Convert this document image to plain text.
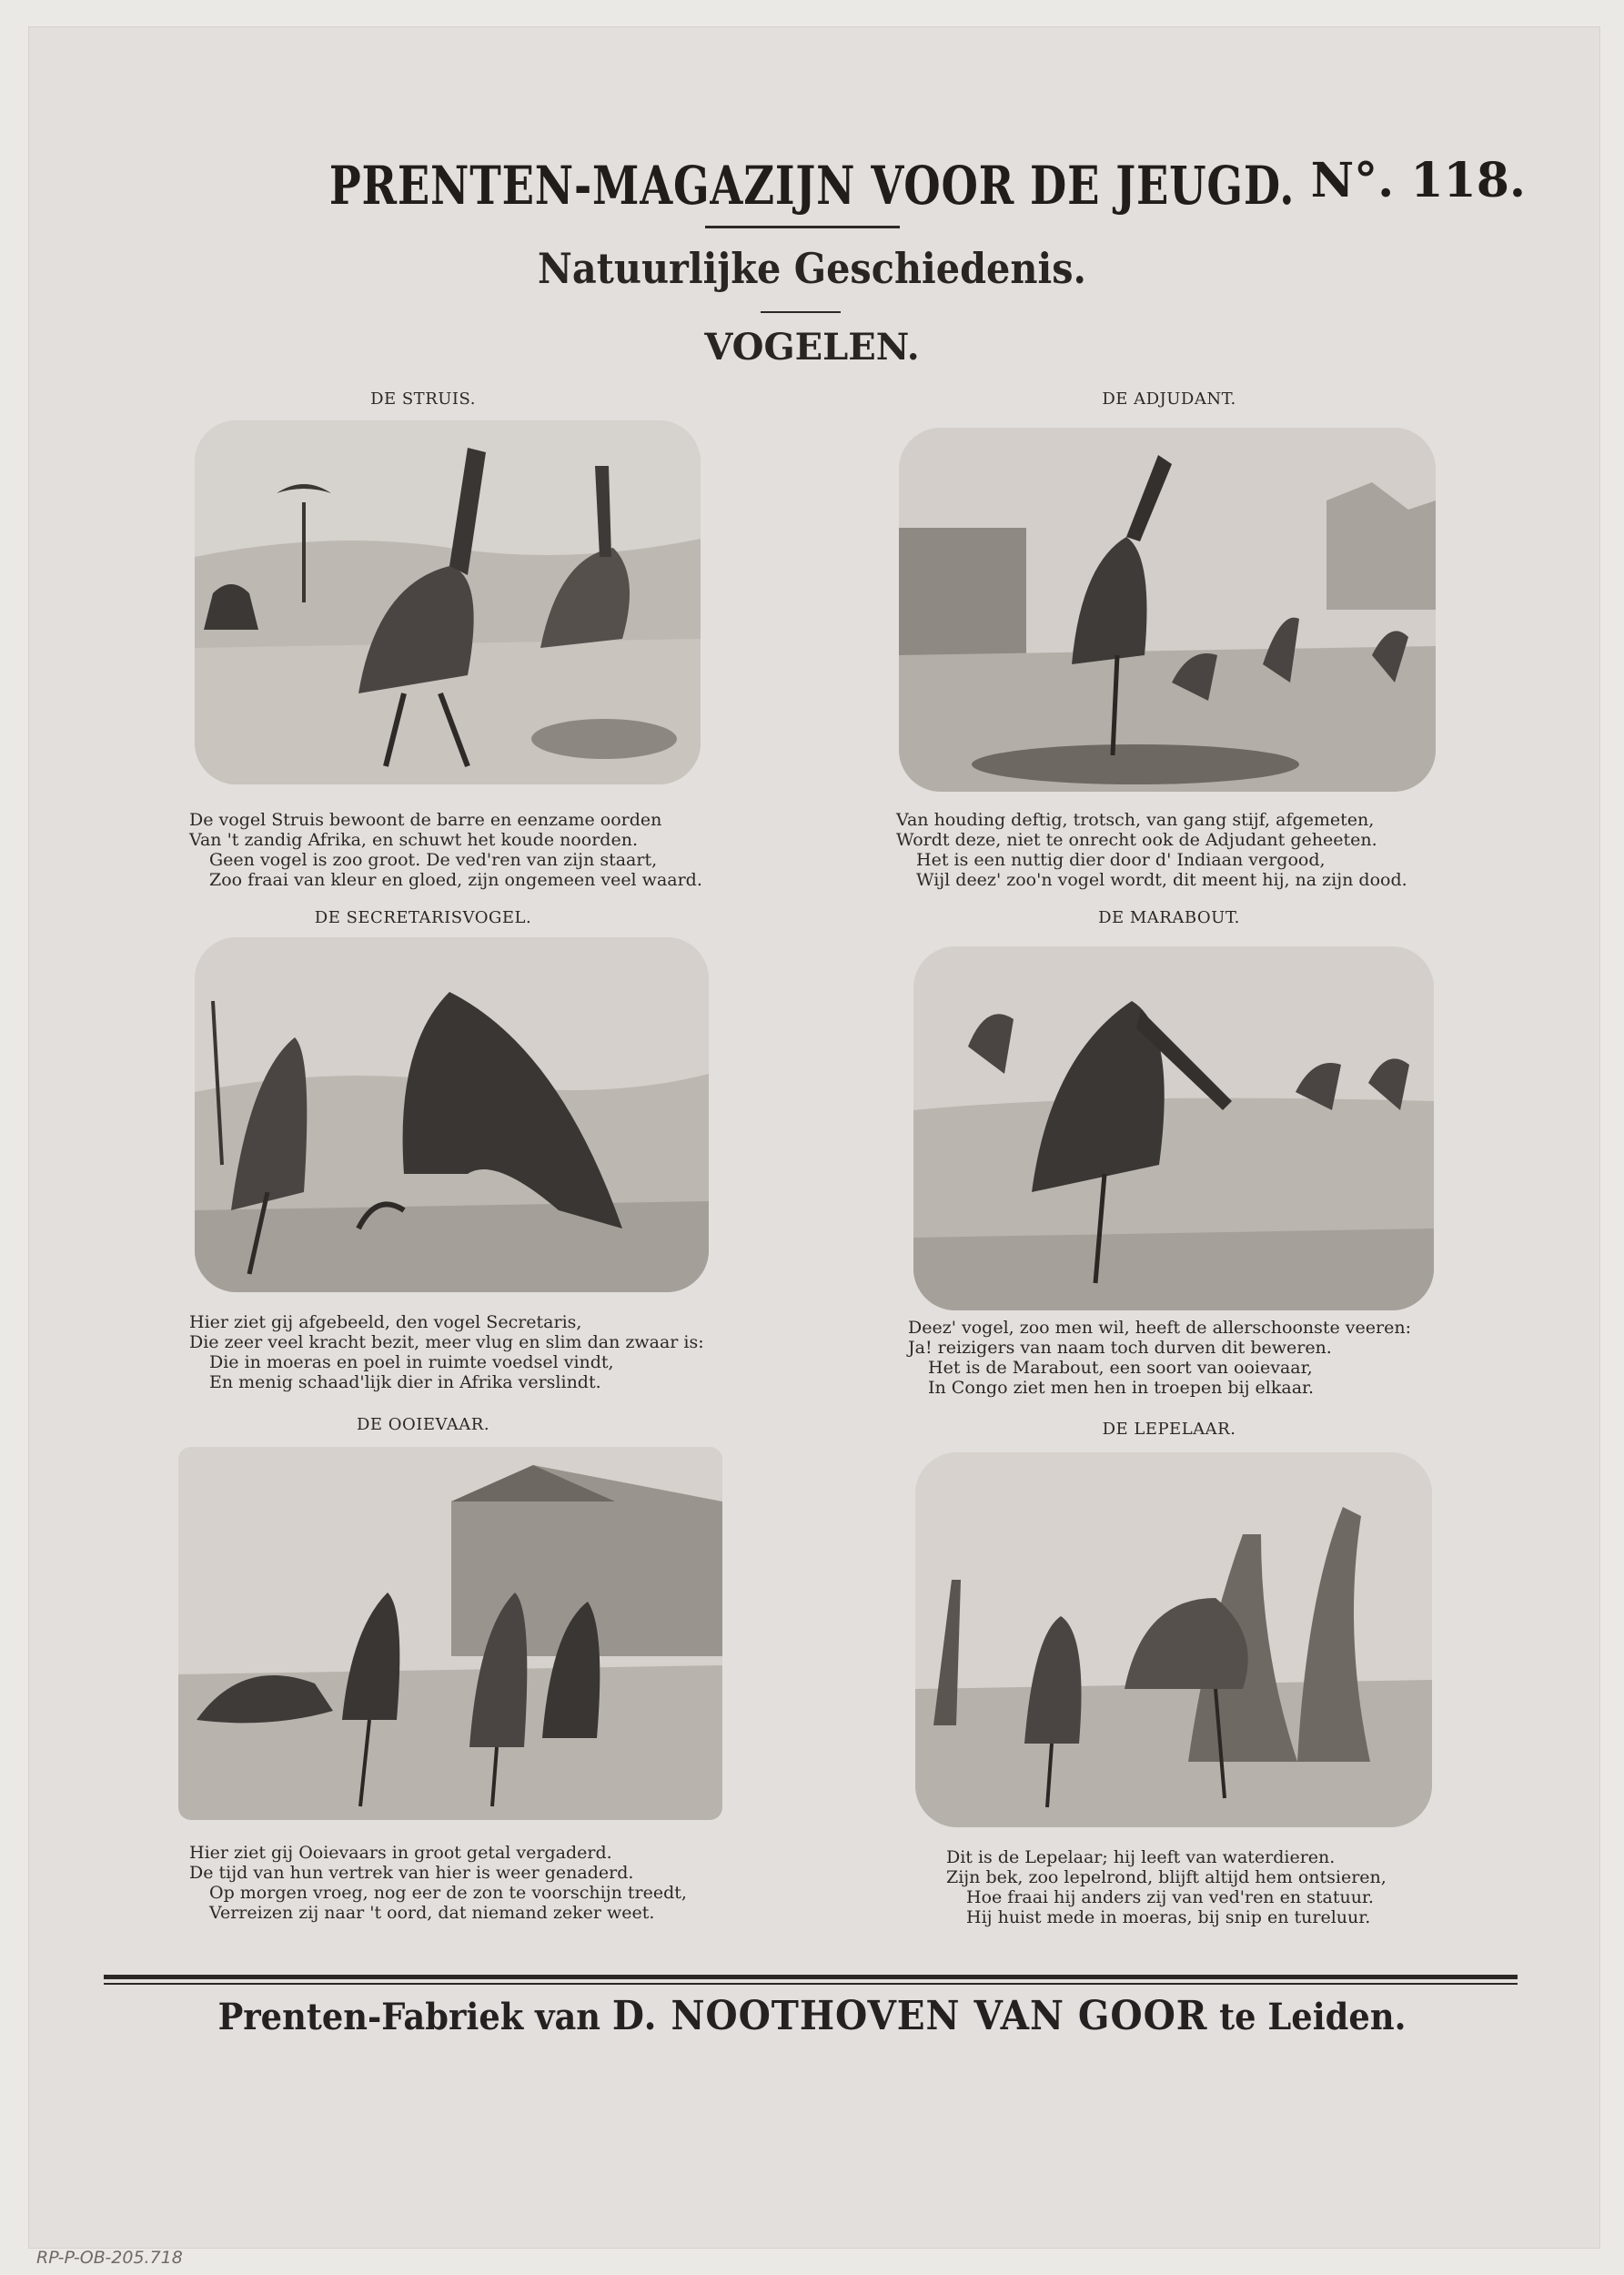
PRENTEN-MAGAZIJN VOOR DE JEUGD. N°. 118.
Natuurlijke Geschiedenis.
VOGELEN.
DE STRUIS.
De vogel Struis bewoont de barre en eenzame oorden
Van 't zandig Afrika, en schuwt het koude noorden.
Geen vogel is zoo groot. De ved'ren van zijn staart,
Zoo fraai van kleur en gloed, zijn ongemeen veel waard.
DE ADJUDANT.
Van houding deftig, trotsch, van gang stijf, afgemeten,
Wordt deze, niet te onrecht ook de Adjudant geheeten.
Het is een nuttig dier door d' Indiaan vergood,
Wijl deez' zoo'n vogel wordt, dit meent hij, na zijn dood.
DE SECRETARISVOGEL.
Hier ziet gij afgebeeld, den vogel Secretaris,
Die zeer veel kracht bezit, meer vlug en slim dan zwaar is:
Die in moeras en poel in ruimte voedsel vindt,
En menig schaad'lijk dier in Afrika verslindt.
DE MARABOUT.
Deez' vogel, zoo men wil, heeft de allerschoonste veeren:
Ja! reizigers van naam toch durven dit beweren.
Het is de Marabout, een soort van ooievaar,
In Congo ziet men hen in troepen bij elkaar.
DE OOIEVAAR.
Hier ziet gij Ooievaars in groot getal vergaderd.
De tijd van hun vertrek van hier is weer genaderd.
Op morgen vroeg, nog eer de zon te voorschijn treedt,
Verreizen zij naar 't oord, dat niemand zeker weet.
DE LEPELAAR.
Dit is de Lepelaar; hij leeft van waterdieren.
Zijn bek, zoo lepelrond, blijft altijd hem ontsieren,
Hoe fraai hij anders zij van ved'ren en statuur.
Hij huist mede in moeras, bij snip en tureluur.
Prenten-Fabriek van D. NOOTHOVEN VAN GOOR te Leiden.
RP-P-OB-205.718
